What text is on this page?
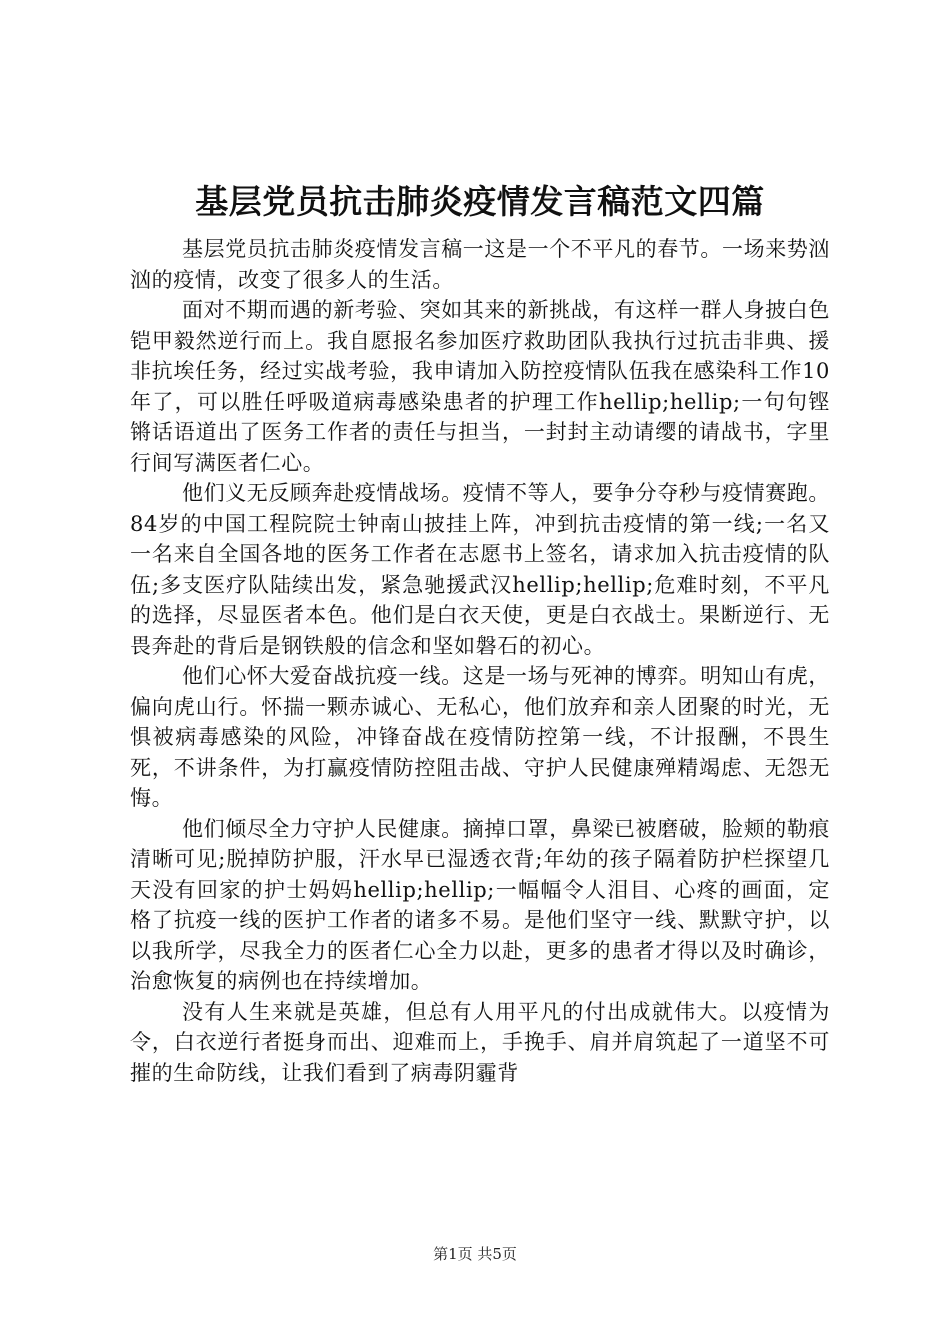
基层党员抗击肺炎疫情发言稿范文四篇

基层党员抗击肺炎疫情发言稿一这是一个不平凡的春节。一场来势汹汹的疫情，改变了很多人的生活。

面对不期而遇的新考验、突如其来的新挑战，有这样一群人身披白色铠甲毅然逆行而上。我自愿报名参加医疗救助团队我执行过抗击非典、援非抗埃任务，经过实战考验，我申请加入防控疫情队伍我在感染科工作10年了，可以胜任呼吸道病毒感染患者的护理工作hellip;hellip;一句句铿锵话语道出了医务工作者的责任与担当，一封封主动请缨的请战书，字里行间写满医者仁心。

他们义无反顾奔赴疫情战场。疫情不等人，要争分夺秒与疫情赛跑。84岁的中国工程院院士钟南山披挂上阵，冲到抗击疫情的第一线;一名又一名来自全国各地的医务工作者在志愿书上签名，请求加入抗击疫情的队伍;多支医疗队陆续出发，紧急驰援武汉hellip;hellip;危难时刻，不平凡的选择，尽显医者本色。他们是白衣天使，更是白衣战士。果断逆行、无畏奔赴的背后是钢铁般的信念和坚如磐石的初心。

他们心怀大爱奋战抗疫一线。这是一场与死神的博弈。明知山有虎，偏向虎山行。怀揣一颗赤诚心、无私心，他们放弃和亲人团聚的时光，无惧被病毒感染的风险，冲锋奋战在疫情防控第一线，不计报酬，不畏生死，不讲条件，为打赢疫情防控阻击战、守护人民健康殚精竭虑、无怨无悔。

他们倾尽全力守护人民健康。摘掉口罩，鼻梁已被磨破，脸颊的勒痕清晰可见;脱掉防护服，汗水早已湿透衣背;年幼的孩子隔着防护栏探望几天没有回家的护士妈妈hellip;hellip;一幅幅令人泪目、心疼的画面，定格了抗疫一线的医护工作者的诸多不易。是他们坚守一线、默默守护，以以我所学，尽我全力的医者仁心全力以赴，更多的患者才得以及时确诊，治愈恢复的病例也在持续增加。

没有人生来就是英雄，但总有人用平凡的付出成就伟大。以疫情为令，白衣逆行者挺身而出、迎难而上，手挽手、肩并肩筑起了一道坚不可摧的生命防线，让我们看到了病毒阴霾背

第1页 共5页
